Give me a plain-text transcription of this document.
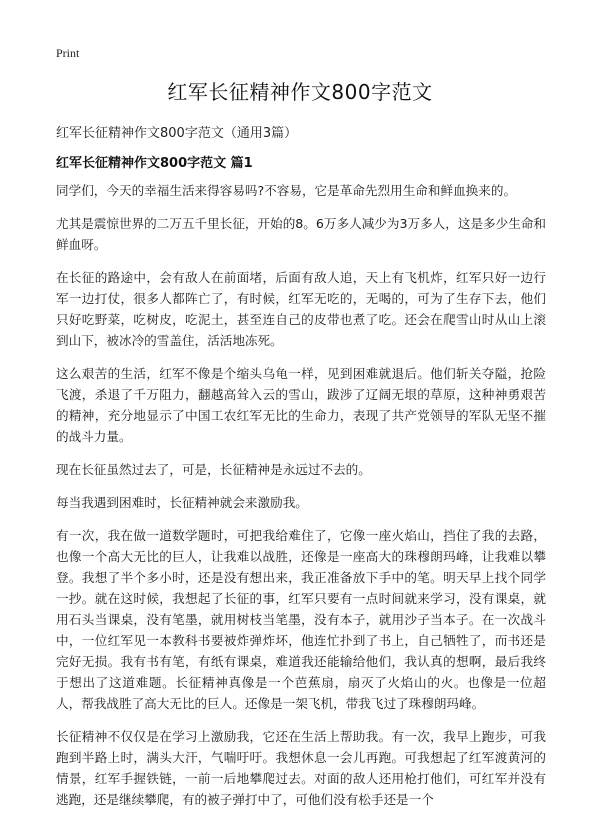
Print
红军长征精神作文800字范文
红军长征精神作文800字范文（通用3篇）
红军长征精神作文800字范文 篇1

同学们，今天的幸福生活来得容易吗?不容易，它是革命先烈用生命和鲜血换来的。

尤其是震惊世界的二万五千里长征，开始的8。6万多人减少为3万多人，这是多少生命和鲜血呀。

在长征的路途中，会有敌人在前面堵，后面有敌人追，天上有飞机炸，红军只好一边行军一边打仗，很多人都阵亡了，有时候，红军无吃的，无喝的，可为了生存下去，他们只好吃野菜，吃树皮，吃泥土，甚至连自己的皮带也煮了吃。还会在爬雪山时从山上滚到山下，被冰冷的雪盖住，活活地冻死。

这么艰苦的生活，红军不像是个缩头乌龟一样，见到困难就退后。他们斩关夺隘，抢险飞渡，杀退了千万阻力，翻越高耸入云的雪山，跋涉了辽阔无垠的草原，这种神勇艰苦的精神，充分地显示了中国工农红军无比的生命力，表现了共产党领导的军队无坚不摧的战斗力量。

现在长征虽然过去了，可是，长征精神是永远过不去的。

每当我遇到困难时，长征精神就会来激励我。

有一次，我在做一道数学题时，可把我给难住了，它像一座火焰山，挡住了我的去路，也像一个高大无比的巨人，让我难以战胜，还像是一座高大的珠穆朗玛峰，让我难以攀登。我想了半个多小时，还是没有想出来，我正准备放下手中的笔。明天早上找个同学一抄。就在这时候，我想起了长征的事，红军只要有一点时间就来学习，没有课桌，就用石头当课桌，没有笔墨，就用树枝当笔墨，没有本子，就用沙子当本子。在一次战斗中，一位红军见一本教科书要被炸弹炸坏，他连忙扑到了书上，自己牺牲了，而书还是完好无损。我有书有笔，有纸有课桌，难道我还能输给他们，我认真的想啊，最后我终于想出了这道难题。长征精神真像是一个芭蕉扇，扇灭了火焰山的火。也像是一位超人，帮我战胜了高大无比的巨人。还像是一架飞机，带我飞过了珠穆朗玛峰。

长征精神不仅仅是在学习上激励我，它还在生活上帮助我。有一次，我早上跑步，可我跑到半路上时，满头大汗，气喘吁吁。我想休息一会儿再跑。可我想起了红军渡黄河的情景，红军手握铁链，一前一后地攀爬过去。对面的敌人还用枪打他们，可红军并没有逃跑，还是继续攀爬，有的被子弹打中了，可他们没有松手还是一个
